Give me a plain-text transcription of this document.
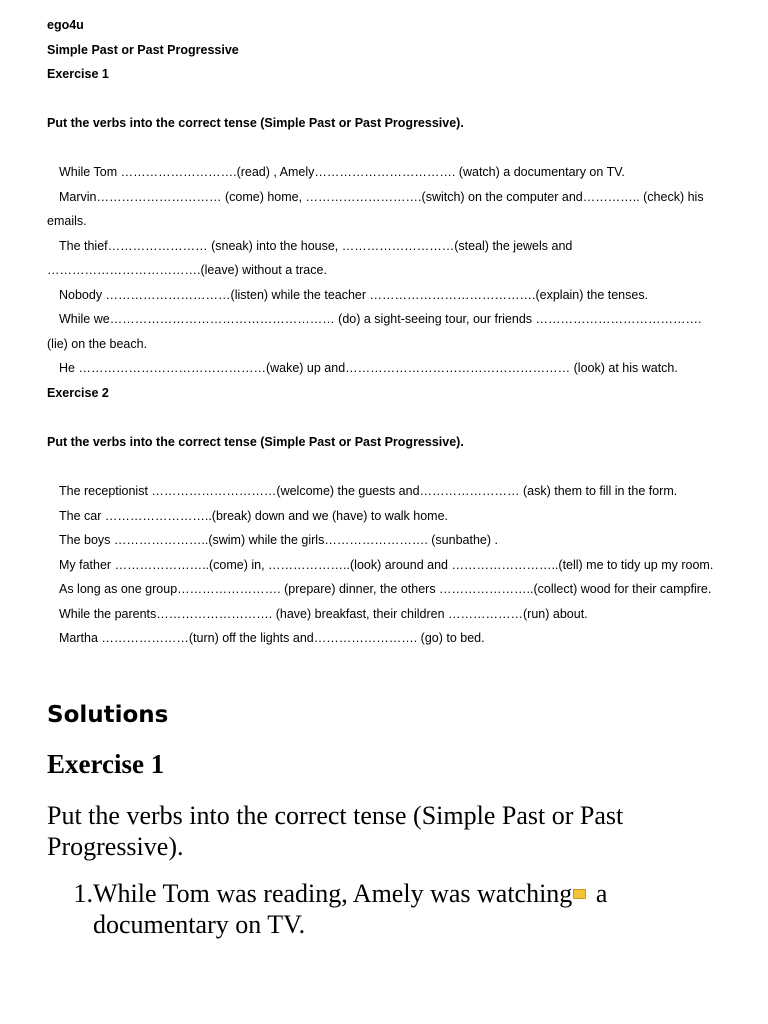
ego4u
Simple Past or Past Progressive
Exercise 1
Put the verbs into the correct tense (Simple Past or Past Progressive).
While Tom ……………………….(read) , Amely……………………………. (watch) a documentary on TV.
Marvin………………………… (come) home, ……………………….(switch) on the computer and………….. (check) his emails.
The thief…………………… (sneak) into the house, ………………………(steal) the jewels and ……………………………….(leave) without a trace.
Nobody …………………………(listen) while the teacher ………………………………….(explain) the tenses.
While we……………………………………………… (do) a sight-seeing tour, our friends ………………………………….(lie) on the beach.
He ………………………………………(wake) up and……………………………………………… (look) at his watch.
Exercise 2
Put the verbs into the correct tense (Simple Past or Past Progressive).
The receptionist …………………………(welcome) the guests and…………………… (ask) them to fill in the form.
The car ……………………..(break) down and we (have) to walk home.
The boys …………………..(swim) while the girls……………………. (sunbathe) .
My father …………………..(come) in, ………………..(look) around and ……………………..(tell) me to tidy up my room.
As long as one group……………………. (prepare) dinner, the others …………………..(collect) wood for their campfire.
While the parents………………………. (have) breakfast, their children ………………(run) about.
Martha …………………(turn) off the lights and……………………. (go) to bed.
Solutions
Exercise 1
Put the verbs into the correct tense (Simple Past or Past Progressive).
1. While Tom was reading, Amely was watching a documentary on TV.
